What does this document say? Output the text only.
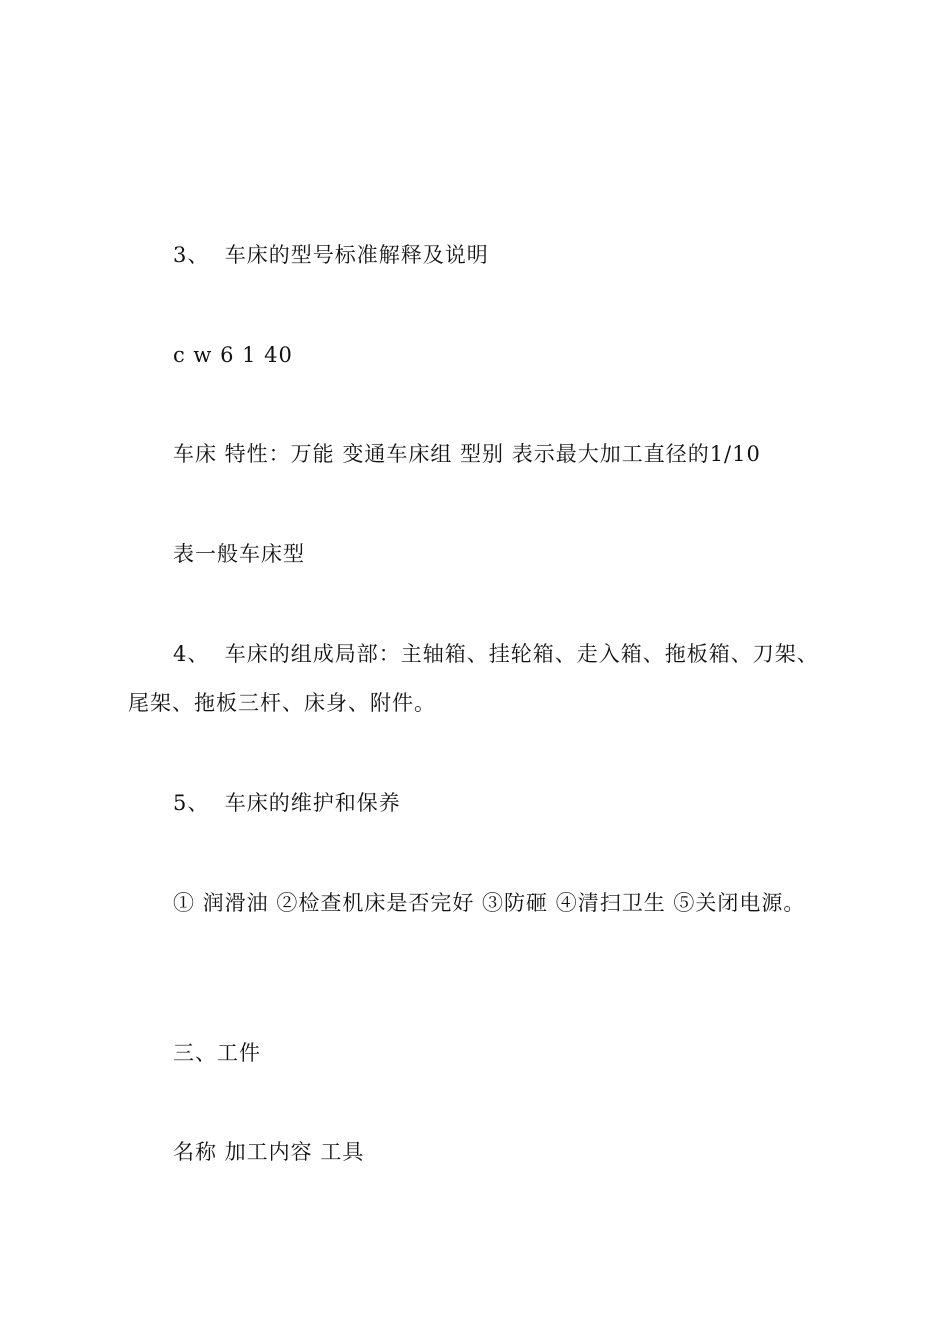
3、  车床的型号标准解释及说明
c w 6 1 40
车床 特性：万能 变通车床组 型别 表示最大加工直径的1/10
表一般车床型
4、  车床的组成局部：主轴箱、挂轮箱、走入箱、拖板箱、刀架、
尾架、拖板三杆、床身、附件。
5、  车床的维护和保养
① 润滑油 ②检查机床是否完好 ③防砸 ④清扫卫生 ⑤关闭电源。
三、工件
名称 加工内容 工具
